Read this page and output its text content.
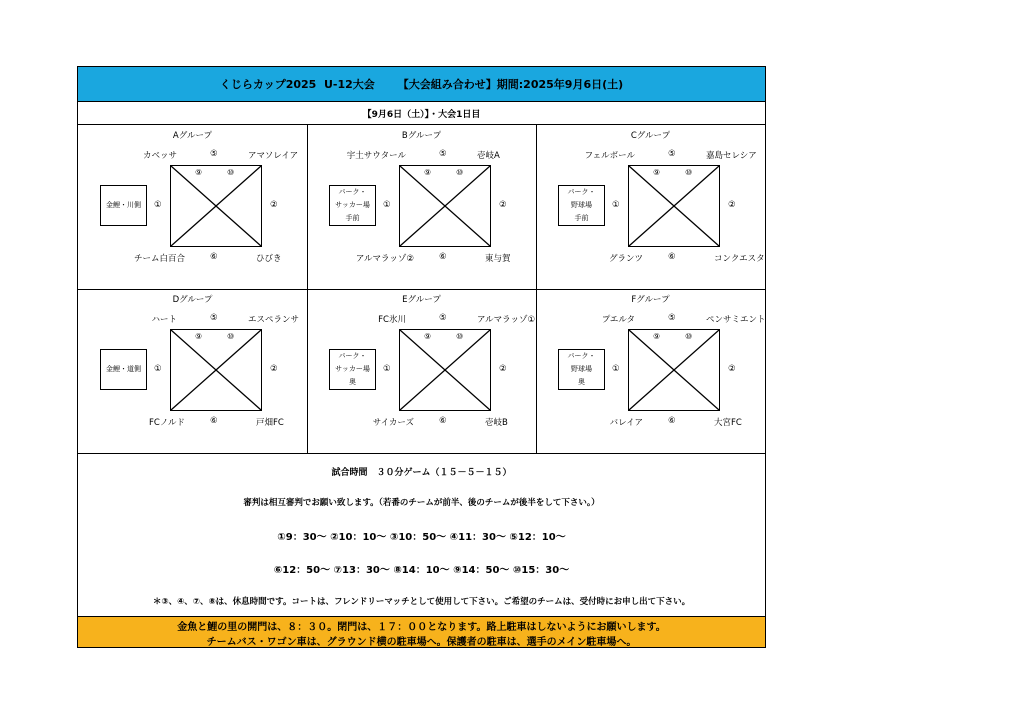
くじらカップ2025  U-12大会      【大会組み合わせ】期間:2025年9月6日(土)
【9月6日（土）】・大会1日目
Aグループ
カベッサ	アマソレイア
チーム白百合	ひびき
⑤
⑥
①	②
金鯉・川側
⑨	⑩
Bグループ
宇土サウタール	壱岐A
アルマラッゾ②	東与賀
⑤
⑥
①	②
パーク・
サッカー場
手前
⑨	⑩
Cグループ
フェルボール	嘉島セレシア
グランツ	コンクエスタ
⑤
⑥
①	②
パーク・
野球場
手前
⑨	⑩
Dグループ
ハート	エスペランサ
FCノルド	戸畑FC
⑤
⑥
①	②
金鯉・道側
⑨	⑩
Eグループ
FC氷川	アルマラッゾ①
サイカーズ	壱岐B
⑤
⑥
①	②
パーク・
サッカー場
奥
⑨	⑩
Fグループ
プエルタ	ペンサミエント
バレイア	大宮FC
⑤
⑥
①	②
パーク・
野球場
奥
⑨	⑩
試合時間　３０分ゲーム（１５－５－１５）
審判は相互審判でお願い致します。（若番のチームが前半、後のチームが後半をして下さい。）
①9：30～ ②10：10～ ③10：50～ ④11：30～ ⑤12：10～
⑥12：50～ ⑦13：30～ ⑧14：10～ ⑨14：50～ ⑩15：30～
＊③、④、⑦、⑧は、休息時間です。コートは、フレンドリーマッチとして使用して下さい。ご希望のチームは、受付時にお申し出て下さい。
金魚と鯉の里の開門は、８：３０。閉門は、１７：００となります。路上駐車はしないようにお願いします。
チームバス・ワゴン車は、グラウンド横の駐車場へ。保護者の駐車は、選手のメイン駐車場へ。
